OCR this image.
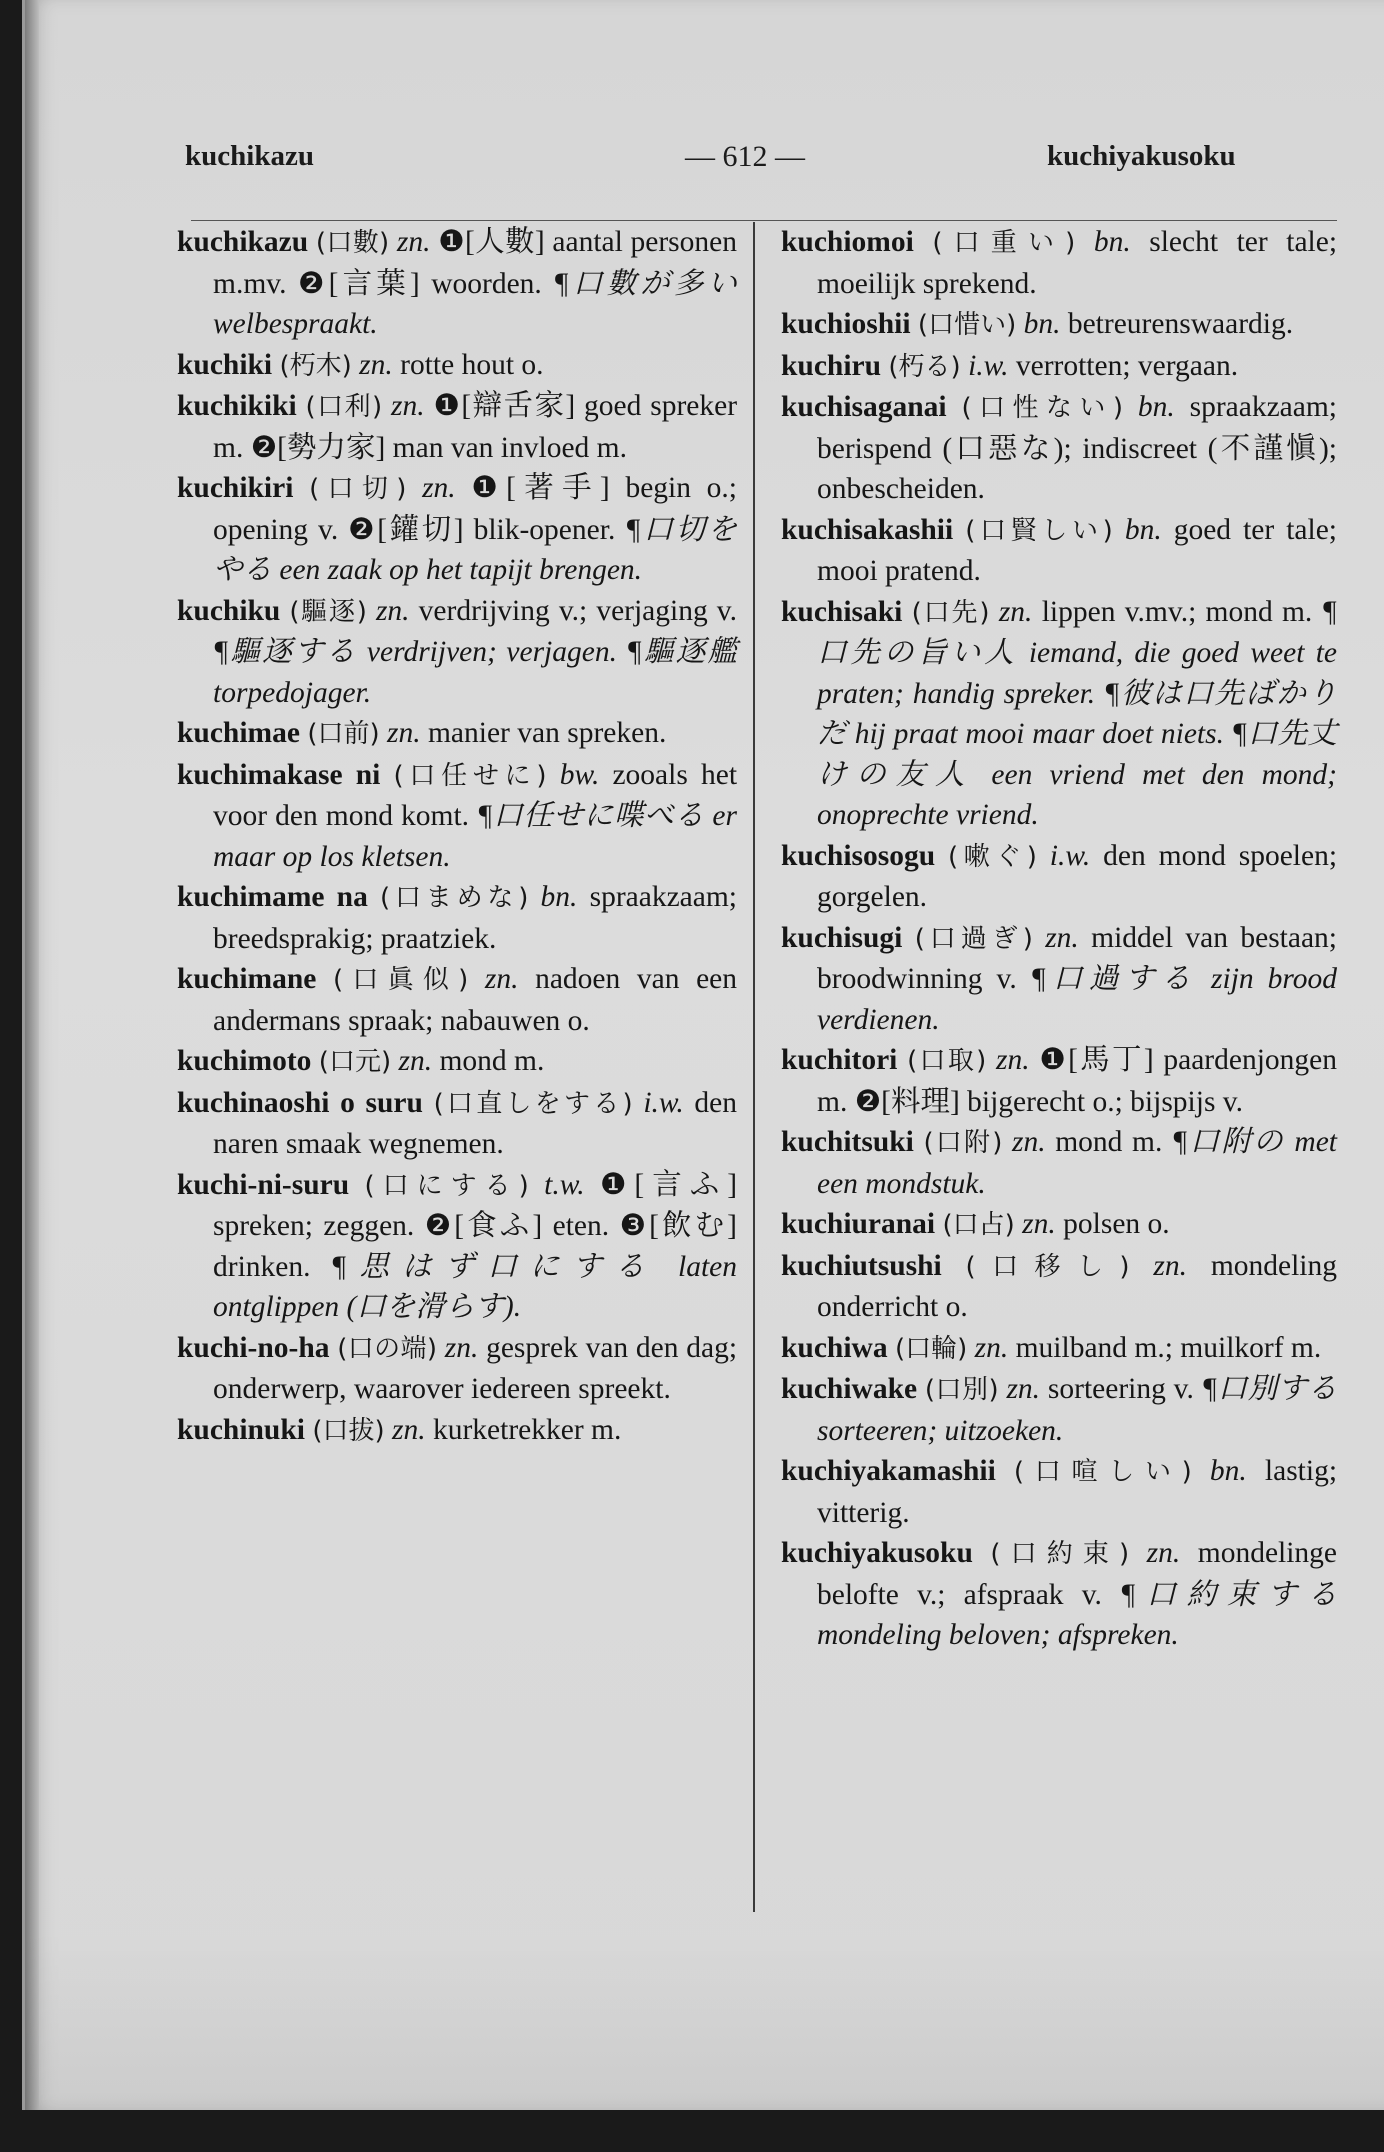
kuchikazu	— 612 —	kuchiyakusoku

kuchikazu (口數) zn. ❶[人數] aantal personen m.mv. ❷[言葉] woorden. ¶口數が多い welbespraakt.

kuchiki (朽木) zn. rotte hout o.

kuchikiki (口利) zn. ❶[辯舌家] goed spreker m. ❷[勢力家] man van invloed m.

kuchikiri (口切) zn. ❶[著手] begin o.; opening v. ❷[鑵切] blik-opener. ¶口切をやる een zaak op het tapijt brengen.

kuchiku (驅逐) zn. verdrijving v.; verjaging v. ¶驅逐する verdrijven; verjagen. ¶驅逐艦 torpedojager.

kuchimae (口前) zn. manier van spreken.

kuchimakase ni (口任せに) bw. zooals het voor den mond komt. ¶口任せに喋べる er maar op los kletsen.

kuchimame na (口まめな) bn. spraakzaam; breedsprakig; praatziek.

kuchimane (口眞似) zn. nadoen van een andermans spraak; nabauwen o.

kuchimoto (口元) zn. mond m.

kuchinaoshi o suru (口直しをする) i.w. den naren smaak wegnemen.

kuchi-ni-suru (口にする) t.w. ❶[言ふ] spreken; zeggen. ❷[食ふ] eten. ❸[飲む] drinken. ¶思はず口にする laten ontglippen (口を滑らす).

kuchi-no-ha (口の端) zn. gesprek van den dag; onderwerp, waarover iedereen spreekt.

kuchinuki (口拔) zn. kurketrekker m.

kuchiomoi (口重い) bn. slecht ter tale; moeilijk sprekend.

kuchioshii (口惜い) bn. betreurenswaardig.

kuchiru (朽る) i.w. verrotten; vergaan.

kuchisaganai (口性ない) bn. spraakzaam; berispend (口惡な); indiscreet (不謹愼); onbescheiden.

kuchisakashii (口賢しい) bn. goed ter tale; mooi pratend.

kuchisaki (口先) zn. lippen v.mv.; mond m. ¶口先の旨い人 iemand, die goed weet te praten; handig spreker. ¶彼は口先ばかりだ hij praat mooi maar doet niets. ¶口先丈けの友人 een vriend met den mond; onoprechte vriend.

kuchisosogu (嗽ぐ) i.w. den mond spoelen; gorgelen.

kuchisugi (口過ぎ) zn. middel van bestaan; broodwinning v. ¶口過する zijn brood verdienen.

kuchitori (口取) zn. ❶[馬丁] paardenjongen m. ❷[料理] bijgerecht o.; bijspijs v.

kuchitsuki (口附) zn. mond m. ¶口附の met een mondstuk.

kuchiuranai (口占) zn. polsen o.

kuchiutsushi (口移し) zn. mondeling onderricht o.

kuchiwa (口輪) zn. muilband m.; muilkorf m.

kuchiwake (口別) zn. sorteering v. ¶口別する sorteeren; uitzoeken.

kuchiyakamashii (口喧しい) bn. lastig; vitterig.

kuchiyakusoku (口約束) zn. mondelinge belofte v.; afspraak v. ¶口約束する mondeling beloven; afspreken.
